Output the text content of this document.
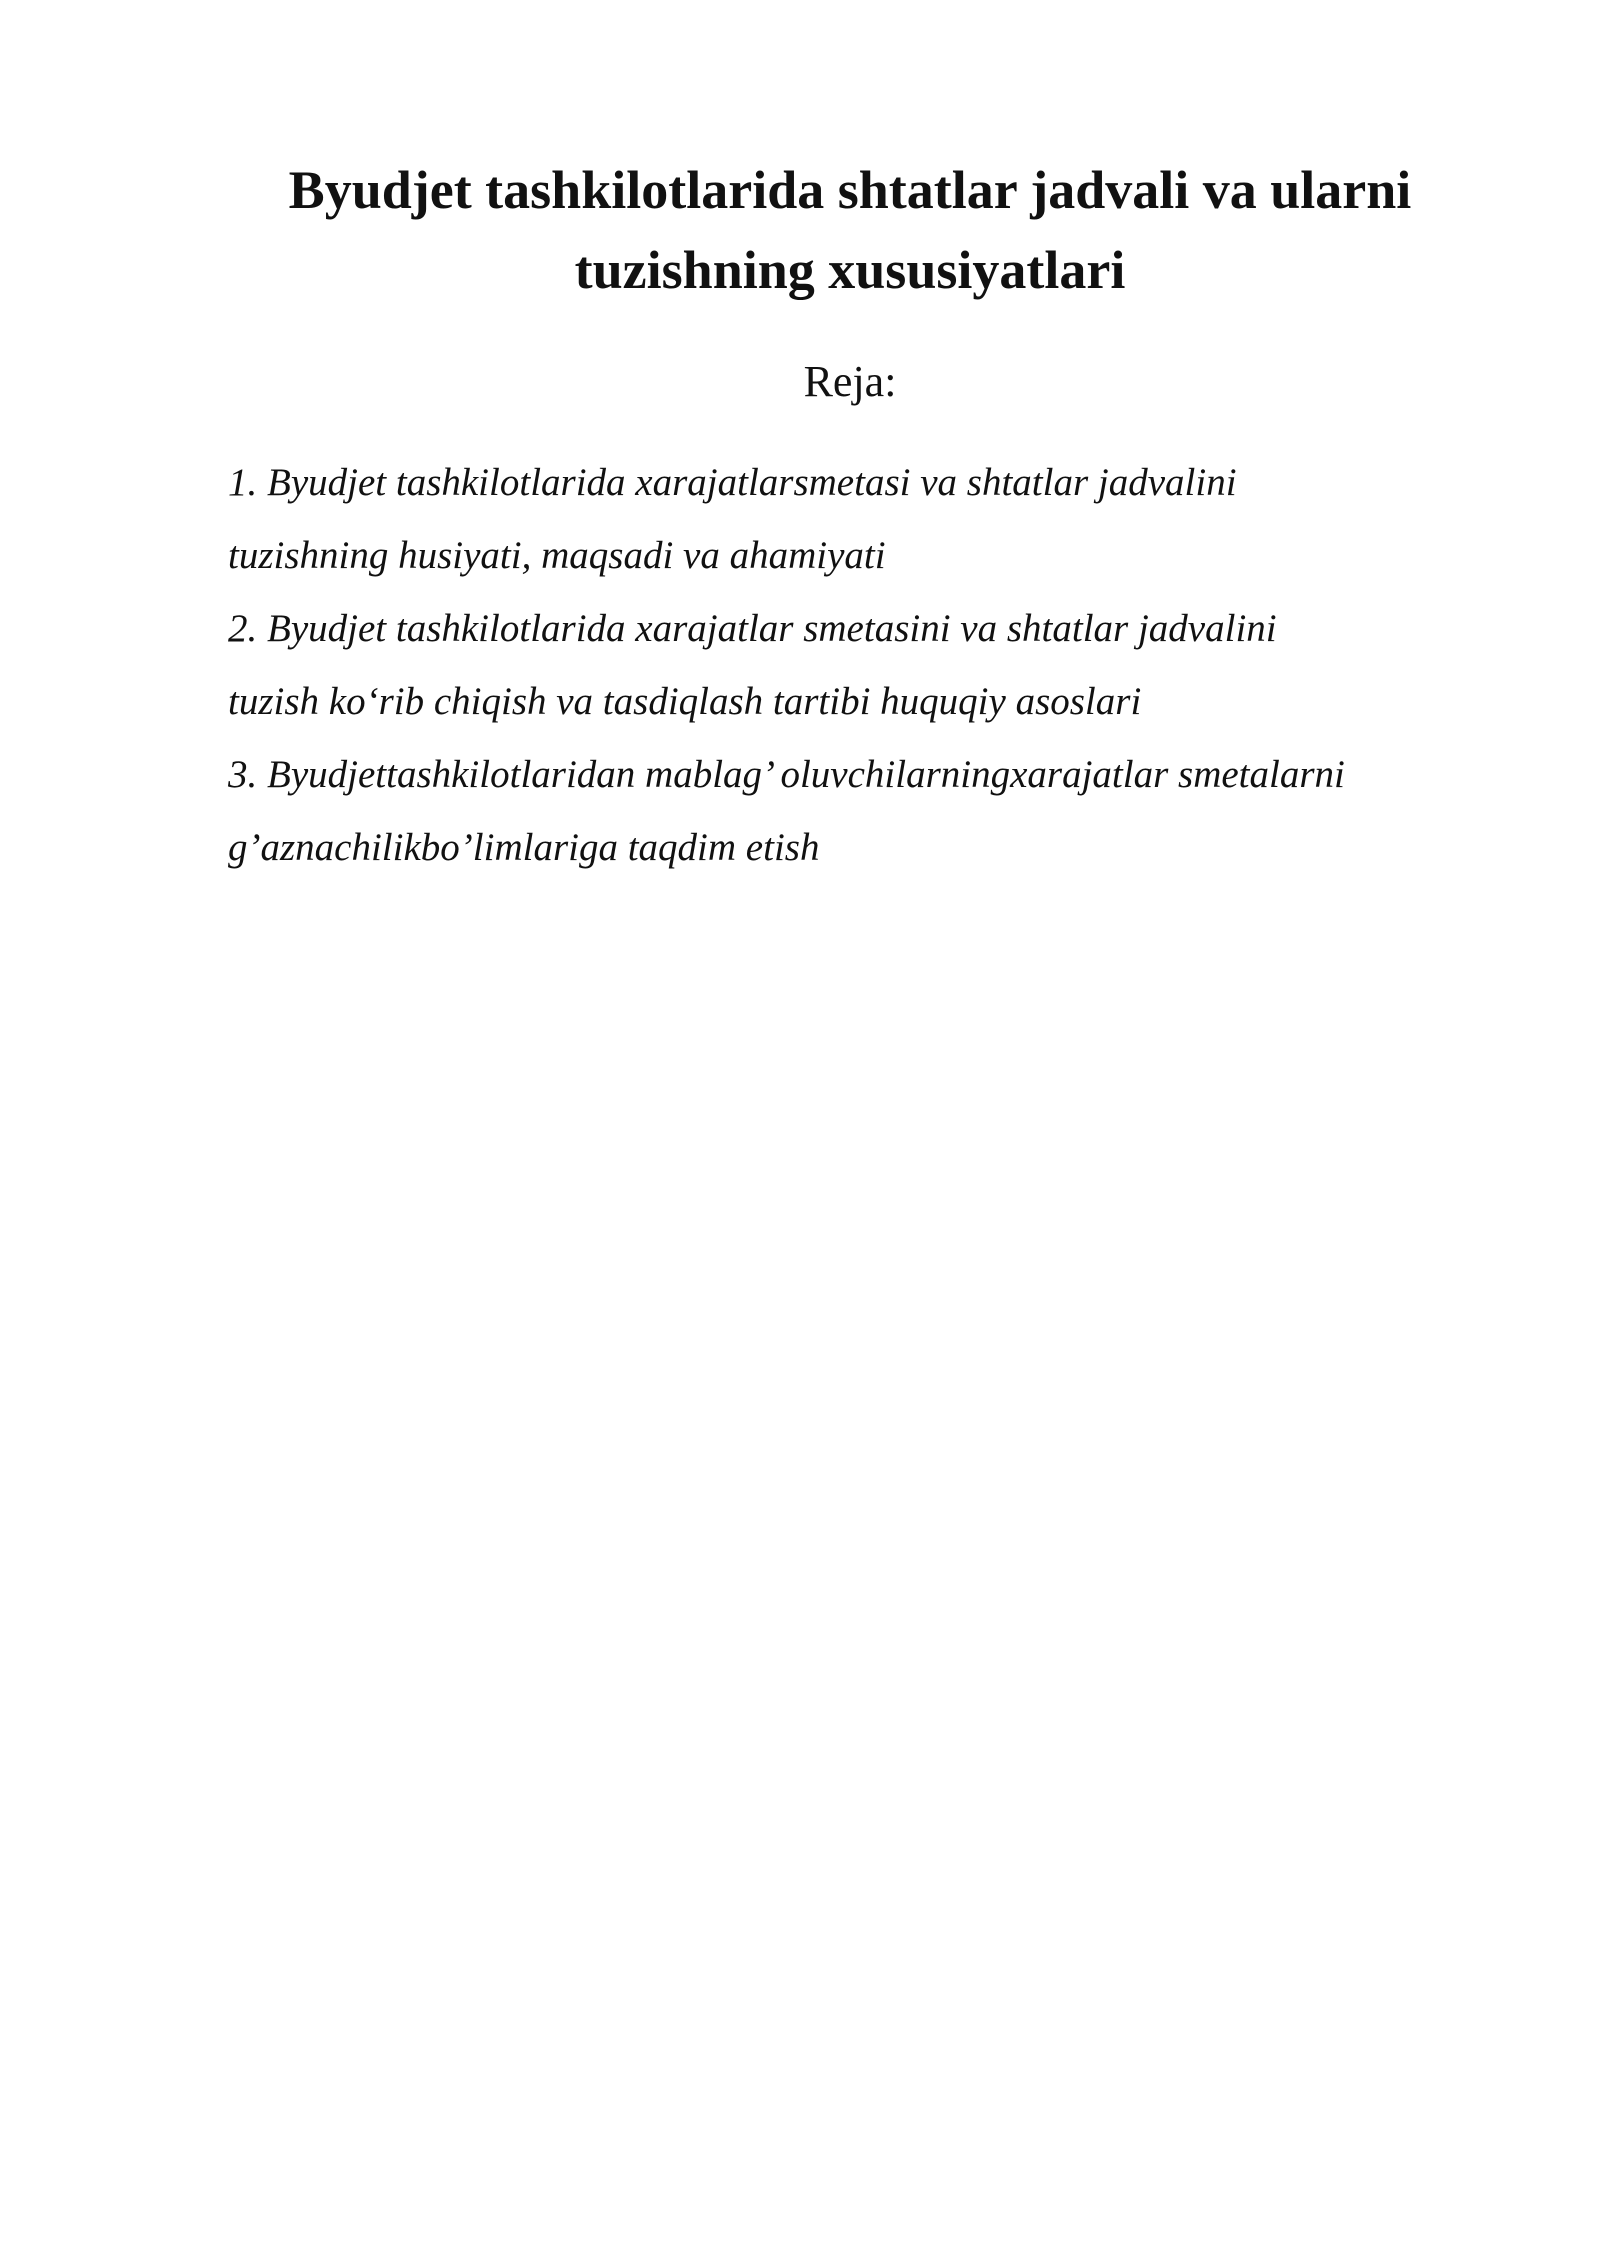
Byudjet tashkilotlarida shtatlar jadvali va ularni
tuzishning xususiyatlari
Reja:
1. Byudjet tashkilotlarida xarajatlarsmetasi va shtatlar jadvalini
tuzishning husiyati, maqsadi va ahamiyati
2. Byudjet tashkilotlarida xarajatlar smetasini va shtatlar jadvalini
tuzish ko‘rib chiqish va tasdiqlash tartibi huquqiy asoslari
3. Byudjettashkilotlaridan mablag’ oluvchilarningxarajatlar smetalarni
g’aznachilikbo’limlariga taqdim etish
